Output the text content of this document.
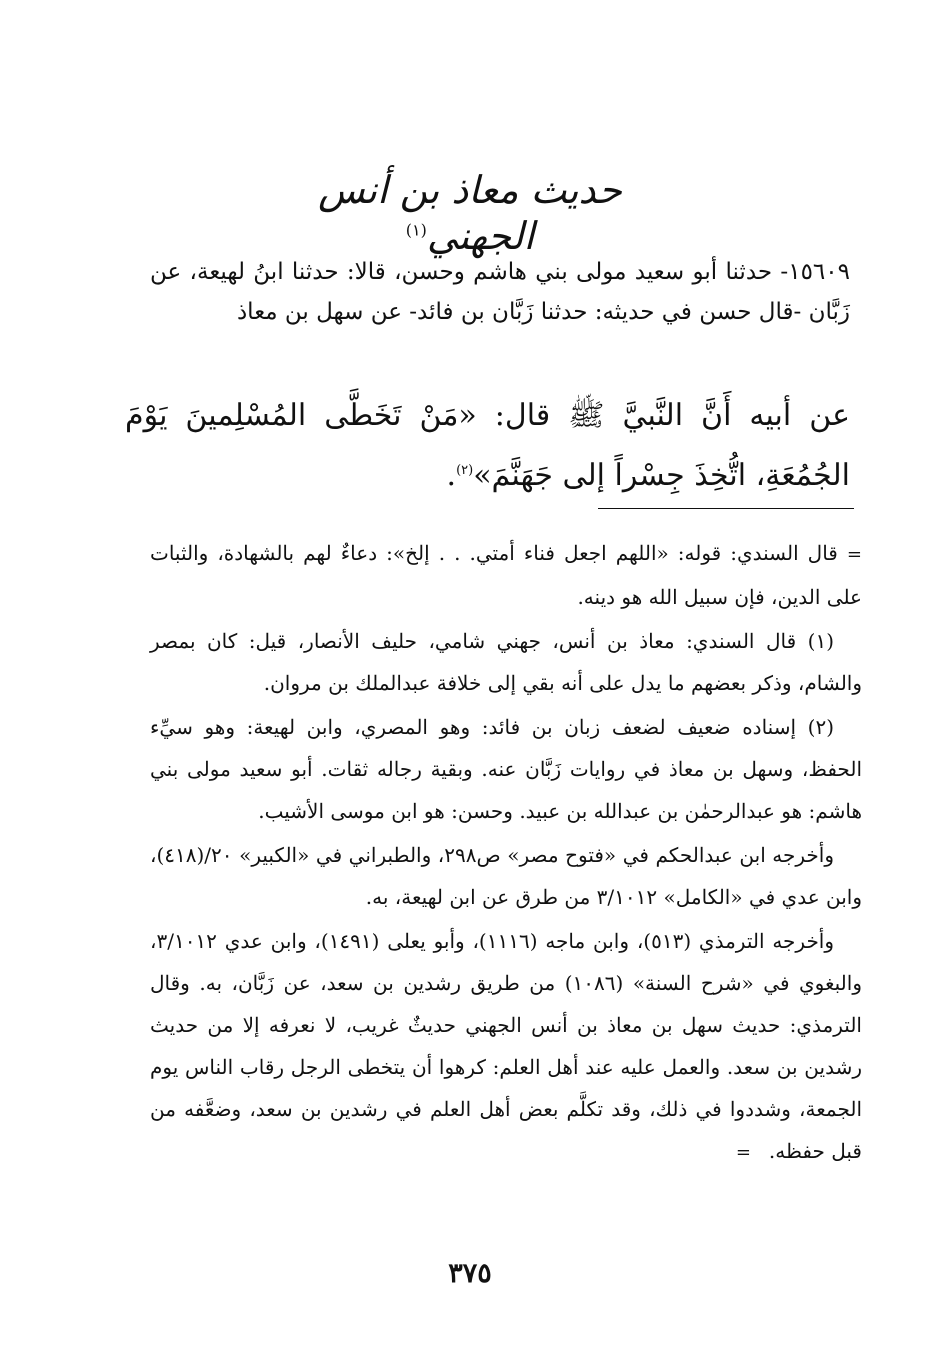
حديث معاذ بن أنس الجهني$^{(١)}$

١٥٦٠٩- حدثنا أبو سعيد مولى بني هاشم وحسن، قالا: حدثنا ابنُ لهيعة، عن زَبَّان -قال حسن في حديثه: حدثنا زَبَّان بن فائد- عن سهل بن معاذ

عن أبيه أَنَّ النَّبيَّ ﷺ قال: «مَنْ تَخَطَّى المُسْلِمينَ يَوْمَ الجُمُعَةِ، اتُّخِذَ جِسْراً إلى جَهَنَّمَ»$^{(٢)}$.

= قال السندي: قوله: «اللهم اجعل فناء أمتي. . . إلخ»: دعاءٌ لهم بالشهادة، والثبات على الدين، فإن سبيل الله هو دينه.

(١) قال السندي: معاذ بن أنس، جهني شامي، حليف الأنصار، قيل: كان بمصر والشام، وذكر بعضهم ما يدل على أنه بقي إلى خلافة عبدالملك بن مروان.

(٢) إسناده ضعيف لضعف زبان بن فائد: وهو المصري، وابن لهيعة: وهو سيِّء الحفظ، وسهل بن معاذ في روايات زَبَّان عنه. وبقية رجاله ثقات. أبو سعيد مولى بني هاشم: هو عبدالرحمٰن بن عبدالله بن عبيد. وحسن: هو ابن موسى الأشيب.

وأخرجه ابن عبدالحكم في «فتوح مصر» ص٢٩٨، والطبراني في «الكبير» ٢٠/(٤١٨)، وابن عدي في «الكامل» ٣/١٠١٢ من طرق عن ابن لهيعة، به.

وأخرجه الترمذي (٥١٣)، وابن ماجه (١١١٦)، وأبو يعلى (١٤٩١)، وابن عدي ٣/١٠١٢، والبغوي في «شرح السنة» (١٠٨٦) من طريق رشدين بن سعد، عن زَبَّان، به. وقال الترمذي: حديث سهل بن معاذ بن أنس الجهني حديثٌ غريب، لا نعرفه إلا من حديث رشدين بن سعد. والعمل عليه عند أهل العلم: كرهوا أن يتخطى الرجل رقاب الناس يوم الجمعة، وشددوا في ذلك، وقد تكلَّم بعض أهل العلم في رشدين بن سعد، وضعَّفه من قبل حفظه.=

٣٧٥
